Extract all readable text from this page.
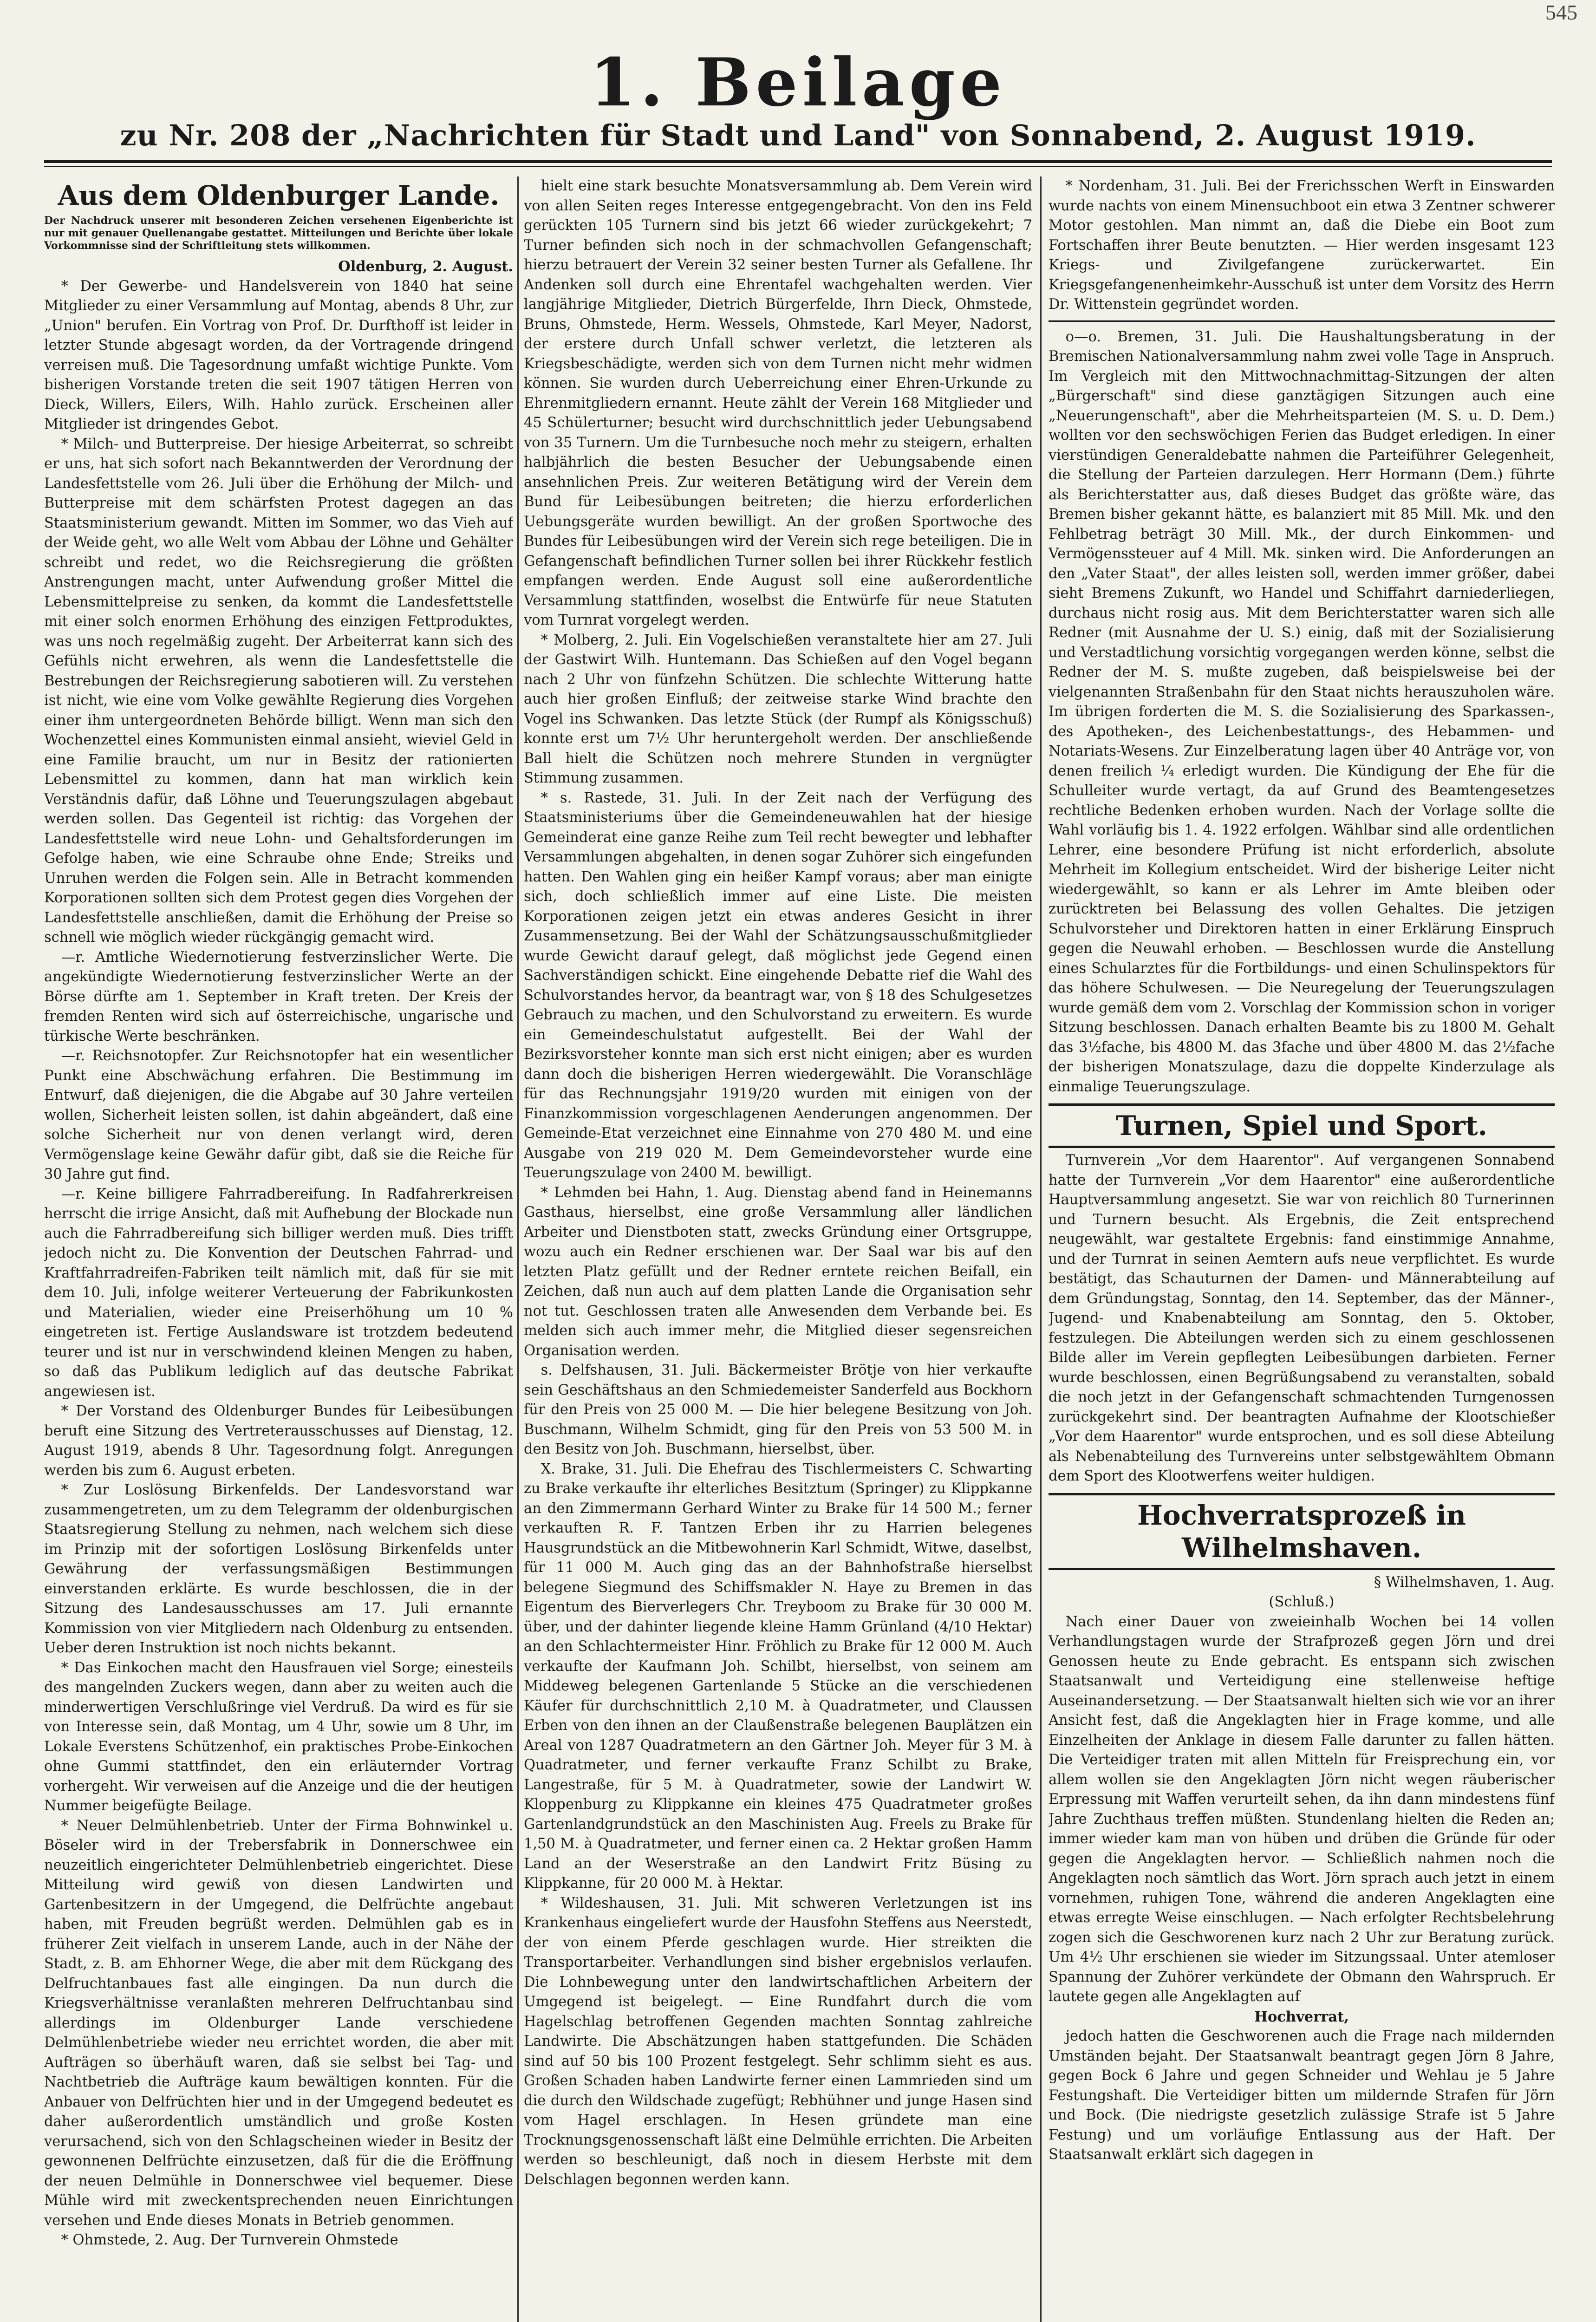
545
1. Beilage
zu Nr. 208 der „Nachrichten für Stadt und Land" von Sonnabend, 2. August 1919.
Aus dem Oldenburger Lande.
Der Nachdruck unserer mit besonderen Zeichen versehenen Eigenberichte ist nur mit genauer Quellenangabe gestattet. Mitteilungen und Berichte über lokale Vorkommnisse sind der Schriftleitung stets willkommen.

Oldenburg, 2. August.

* Der Gewerbe- und Handelsverein von 1840 hat seine Mitglieder zu einer Versammlung auf Montag, abends 8 Uhr, zur „Union" berufen. Ein Vortrag von Prof. Dr. Durfthoff ist leider in letzter Stunde abgesagt worden, da der Vortragende dringend verreisen muß. Die Tagesordnung umfaßt wichtige Punkte. Vom bisherigen Vorstande treten die seit 1907 tätigen Herren von Dieck, Willers, Eilers, Wilh. Hahlo zurück. Erscheinen aller Mitglieder ist dringendes Gebot.

* Milch- und Butterpreise. Der hiesige Arbeiterrat, so schreibt er uns, hat sich sofort nach Bekanntwerden der Verordnung der Landesfettstelle vom 26. Juli über die Erhöhung der Milch- und Butterpreise mit dem schärfsten Protest dagegen an das Staatsministerium gewandt. Mitten im Sommer, wo das Vieh auf der Weide geht, wo alle Welt vom Abbau der Löhne und Gehälter schreibt und redet, wo die Reichsregierung die größten Anstrengungen macht, unter Aufwendung großer Mittel die Lebensmittelpreise zu senken, da kommt die Landesfettstelle mit einer solch enormen Erhöhung des einzigen Fettproduktes, was uns noch regelmäßig zugeht. Der Arbeiterrat kann sich des Gefühls nicht erwehren, als wenn die Landesfettstelle die Bestrebungen der Reichsregierung sabotieren will. Zu verstehen ist nicht, wie eine vom Volke gewählte Regierung dies Vorgehen einer ihm untergeordneten Behörde billigt. Wenn man sich den Wochenzettel eines Kommunisten einmal ansieht, wieviel Geld in eine Familie braucht, um nur in Besitz der rationierten Lebensmittel zu kommen, dann hat man wirklich kein Verständnis dafür, daß Löhne und Teuerungszulagen abgebaut werden sollen. Das Gegenteil ist richtig: das Vorgehen der Landesfettstelle wird neue Lohn- und Gehaltsforderungen im Gefolge haben, wie eine Schraube ohne Ende; Streiks und Unruhen werden die Folgen sein. Alle in Betracht kommenden Korporationen sollten sich dem Protest gegen dies Vorgehen der Landesfettstelle anschließen, damit die Erhöhung der Preise so schnell wie möglich wieder rückgängig gemacht wird.

—r. Amtliche Wiedernotierung festverzinslicher Werte. Die angekündigte Wiedernotierung festverzinslicher Werte an der Börse dürfte am 1. September in Kraft treten. Der Kreis der fremden Renten wird sich auf österreichische, ungarische und türkische Werte beschränken.

—r. Reichsnotopfer. Zur Reichsnotopfer hat ein wesentlicher Punkt eine Abschwächung erfahren. Die Bestimmung im Entwurf, daß diejenigen, die die Abgabe auf 30 Jahre verteilen wollen, Sicherheit leisten sollen, ist dahin abgeändert, daß eine solche Sicherheit nur von denen verlangt wird, deren Vermögenslage keine Gewähr dafür gibt, daß sie die Reiche für 30 Jahre gut find.

—r. Keine billigere Fahrradbereifung. In Radfahrerkreisen herrscht die irrige Ansicht, daß mit Aufhebung der Blockade nun auch die Fahrradbereifung sich billiger werden muß. Dies trifft jedoch nicht zu. Die Konvention der Deutschen Fahrrad- und Kraftfahrradreifen-Fabriken teilt nämlich mit, daß für sie mit dem 10. Juli, infolge weiterer Verteuerung der Fabrikunkosten und Materialien, wieder eine Preiserhöhung um 10 % eingetreten ist. Fertige Auslandsware ist trotzdem bedeutend teurer und ist nur in verschwindend kleinen Mengen zu haben, so daß das Publikum lediglich auf das deutsche Fabrikat angewiesen ist.

* Der Vorstand des Oldenburger Bundes für Leibesübungen beruft eine Sitzung des Vertreterausschusses auf Dienstag, 12. August 1919, abends 8 Uhr. Tagesordnung folgt. Anregungen werden bis zum 6. August erbeten.

* Zur Loslösung Birkenfelds. Der Landesvorstand war zusammengetreten, um zu dem Telegramm der oldenburgischen Staatsregierung Stellung zu nehmen, nach welchem sich diese im Prinzip mit der sofortigen Loslösung Birkenfelds unter Gewährung der verfassungsmäßigen Bestimmungen einverstanden erklärte. Es wurde beschlossen, die in der Sitzung des Landesausschusses am 17. Juli ernannte Kommission von vier Mitgliedern nach Oldenburg zu entsenden. Ueber deren Instruktion ist noch nichts bekannt.

* Das Einkochen macht den Hausfrauen viel Sorge; einesteils des mangelnden Zuckers wegen, dann aber zu weiten auch die minderwertigen Verschlußringe viel Verdruß. Da wird es für sie von Interesse sein, daß Montag, um 4 Uhr, sowie um 8 Uhr, im Lokale Everstens Schützenhof, ein praktisches Probe-Einkochen ohne Gummi stattfindet, den ein erläuternder Vortrag vorhergeht. Wir verweisen auf die Anzeige und die der heutigen Nummer beigefügte Beilage.

* Neuer Delmühlenbetrieb. Unter der Firma Bohnwinkel u. Böseler wird in der Trebersfabrik in Donnerschwee ein neuzeitlich eingerichteter Delmühlenbetrieb eingerichtet. Diese Mitteilung wird gewiß von diesen Landwirten und Gartenbesitzern in der Umgegend, die Delfrüchte angebaut haben, mit Freuden begrüßt werden. Delmühlen gab es in früherer Zeit vielfach in unserem Lande, auch in der Nähe der Stadt, z. B. am Ehhorner Wege, die aber mit dem Rückgang des Delfruchtanbaues fast alle eingingen. Da nun durch die Kriegsverhältnisse veranlaßten mehreren Delfruchtanbau sind allerdings im Oldenburger Lande verschiedene Delmühlenbetriebe wieder neu errichtet worden, die aber mit Aufträgen so überhäuft waren, daß sie selbst bei Tag- und Nachtbetrieb die Aufträge kaum bewältigen konnten. Für die Anbauer von Delfrüchten hier und in der Umgegend bedeutet es daher außerordentlich umständlich und große Kosten verursachend, sich von den Schlagscheinen wieder in Besitz der gewonnenen Delfrüchte einzusetzen, daß für die die Eröffnung der neuen Delmühle in Donnerschwee viel bequemer. Diese Mühle wird mit zweckentsprechenden neuen Einrichtungen versehen und Ende dieses Monats in Betrieb genommen.

* Ohmstede, 2. Aug. Der Turnverein Ohmstede

hielt eine stark besuchte Monatsversammlung ab. Dem Verein wird von allen Seiten reges Interesse entgegengebracht. Von den ins Feld gerückten 105 Turnern sind bis jetzt 66 wieder zurückgekehrt; 7 Turner befinden sich noch in der schmachvollen Gefangenschaft; hierzu betrauert der Verein 32 seiner besten Turner als Gefallene. Ihr Andenken soll durch eine Ehrentafel wachgehalten werden. Vier langjährige Mitglieder, Dietrich Bürgerfelde, Ihrn Dieck, Ohmstede, Bruns, Ohmstede, Herm. Wessels, Ohmstede, Karl Meyer, Nadorst, der erstere durch Unfall schwer verletzt, die letzteren als Kriegsbeschädigte, werden sich von dem Turnen nicht mehr widmen können. Sie wurden durch Ueberreichung einer Ehren-Urkunde zu Ehrenmitgliedern ernannt. Heute zählt der Verein 168 Mitglieder und 45 Schülerturner; besucht wird durchschnittlich jeder Uebungsabend von 35 Turnern. Um die Turnbesuche noch mehr zu steigern, erhalten halbjährlich die besten Besucher der Uebungsabende einen ansehnlichen Preis. Zur weiteren Betätigung wird der Verein dem Bund für Leibesübungen beitreten; die hierzu erforderlichen Uebungsgeräte wurden bewilligt. An der großen Sportwoche des Bundes für Leibesübungen wird der Verein sich rege beteiligen. Die in Gefangenschaft befindlichen Turner sollen bei ihrer Rückkehr festlich empfangen werden. Ende August soll eine außerordentliche Versammlung stattfinden, woselbst die Entwürfe für neue Statuten vom Turnrat vorgelegt werden.

* Molberg, 2. Juli. Ein Vogelschießen veranstaltete hier am 27. Juli der Gastwirt Wilh. Huntemann. Das Schießen auf den Vogel begann nach 2 Uhr von fünfzehn Schützen. Die schlechte Witterung hatte auch hier großen Einfluß; der zeitweise starke Wind brachte den Vogel ins Schwanken. Das letzte Stück (der Rumpf als Königsschuß) konnte erst um 7½ Uhr heruntergeholt werden. Der anschließende Ball hielt die Schützen noch mehrere Stunden in vergnügter Stimmung zusammen.

* s. Rastede, 31. Juli. In der Zeit nach der Verfügung des Staatsministeriums über die Gemeindeneuwahlen hat der hiesige Gemeinderat eine ganze Reihe zum Teil recht bewegter und lebhafter Versammlungen abgehalten, in denen sogar Zuhörer sich eingefunden hatten. Den Wahlen ging ein heißer Kampf voraus; aber man einigte sich, doch schließlich immer auf eine Liste. Die meisten Korporationen zeigen jetzt ein etwas anderes Gesicht in ihrer Zusammensetzung. Bei der Wahl der Schätzungsausschußmitglieder wurde Gewicht darauf gelegt, daß möglichst jede Gegend einen Sachverständigen schickt. Eine eingehende Debatte rief die Wahl des Schulvorstandes hervor, da beantragt war, von § 18 des Schulgesetzes Gebrauch zu machen, und den Schulvorstand zu erweitern. Es wurde ein Gemeindeschulstatut aufgestellt. Bei der Wahl der Bezirksvorsteher konnte man sich erst nicht einigen; aber es wurden dann doch die bisherigen Herren wiedergewählt. Die Voranschläge für das Rechnungsjahr 1919/20 wurden mit einigen von der Finanzkommission vorgeschlagenen Aenderungen angenommen. Der Gemeinde-Etat verzeichnet eine Einnahme von 270 480 M. und eine Ausgabe von 219 020 M. Dem Gemeindevorsteher wurde eine Teuerungszulage von 2400 M. bewilligt.

* Lehmden bei Hahn, 1. Aug. Dienstag abend fand in Heinemanns Gasthaus, hierselbst, eine große Versammlung aller ländlichen Arbeiter und Dienstboten statt, zwecks Gründung einer Ortsgruppe, wozu auch ein Redner erschienen war. Der Saal war bis auf den letzten Platz gefüllt und der Redner erntete reichen Beifall, ein Zeichen, daß nun auch auf dem platten Lande die Organisation sehr not tut. Geschlossen traten alle Anwesenden dem Verbande bei. Es melden sich auch immer mehr, die Mitglied dieser segensreichen Organisation werden.

s. Delfshausen, 31. Juli. Bäckermeister Brötje von hier verkaufte sein Geschäftshaus an den Schmiedemeister Sanderfeld aus Bockhorn für den Preis von 25 000 M. — Die hier belegene Besitzung von Joh. Buschmann, Wilhelm Schmidt, ging für den Preis von 53 500 M. in den Besitz von Joh. Buschmann, hierselbst, über.

X. Brake, 31. Juli. Die Ehefrau des Tischlermeisters C. Schwarting zu Brake verkaufte ihr elterliches Besitztum (Springer) zu Klippkanne an den Zimmermann Gerhard Winter zu Brake für 14 500 M.; ferner verkauften R. F. Tantzen Erben ihr zu Harrien belegenes Hausgrundstück an die Mitbewohnerin Karl Schmidt, Witwe, daselbst, für 11 000 M. Auch ging das an der Bahnhofstraße hierselbst belegene Siegmund des Schiffsmakler N. Haye zu Bremen in das Eigentum des Bierverlegers Chr. Treyboom zu Brake für 30 000 M. über, und der dahinter liegende kleine Hamm Grünland (4/10 Hektar) an den Schlachtermeister Hinr. Fröhlich zu Brake für 12 000 M. Auch verkaufte der Kaufmann Joh. Schilbt, hierselbst, von seinem am Middeweg belegenen Gartenlande 5 Stücke an die verschiedenen Käufer für durchschnittlich 2,10 M. à Quadratmeter, und Claussen Erben von den ihnen an der Claußenstraße belegenen Bauplätzen ein Areal von 1287 Quadratmetern an den Gärtner Joh. Meyer für 3 M. à Quadratmeter, und ferner verkaufte Franz Schilbt zu Brake, Langestraße, für 5 M. à Quadratmeter, sowie der Landwirt W. Kloppenburg zu Klippkanne ein kleines 475 Quadratmeter großes Gartenlandgrundstück an den Maschinisten Aug. Freels zu Brake für 1,50 M. à Quadratmeter, und ferner einen ca. 2 Hektar großen Hamm Land an der Weserstraße an den Landwirt Fritz Büsing zu Klippkanne, für 20 000 M. à Hektar.

* Wildeshausen, 31. Juli. Mit schweren Verletzungen ist ins Krankenhaus eingeliefert wurde der Hausfohn Steffens aus Neerstedt, der von einem Pferde geschlagen wurde. Hier streikten die Transportarbeiter. Verhandlungen sind bisher ergebnislos verlaufen. Die Lohnbewegung unter den landwirtschaftlichen Arbeitern der Umgegend ist beigelegt. — Eine Rundfahrt durch die vom Hagelschlag betroffenen Gegenden machten Sonntag zahlreiche Landwirte. Die Abschätzungen haben stattgefunden. Die Schäden sind auf 50 bis 100 Prozent festgelegt. Sehr schlimm sieht es aus. Großen Schaden haben Landwirte ferner einen Lammrieden sind um die durch den Wildschade zugefügt; Rebhühner und junge Hasen sind vom Hagel erschlagen. In Hesen gründete man eine Trocknungsgenossenschaft läßt eine Delmühle errichten. Die Arbeiten werden so beschleunigt, daß noch in diesem Herbste mit dem Delschlagen begonnen werden kann.

* Nordenham, 31. Juli. Bei der Frerichsschen Werft in Einswarden wurde nachts von einem Minensuchboot ein etwa 3 Zentner schwerer Motor gestohlen. Man nimmt an, daß die Diebe ein Boot zum Fortschaffen ihrer Beute benutzten. — Hier werden insgesamt 123 Kriegs- und Zivilgefangene zurückerwartet. Ein Kriegsgefangenenheimkehr-Ausschuß ist unter dem Vorsitz des Herrn Dr. Wittenstein gegründet worden.

o—o. Bremen, 31. Juli. Die Haushaltungsberatung in der Bremischen Nationalversammlung nahm zwei volle Tage in Anspruch. Im Vergleich mit den Mittwochnachmittag-Sitzungen der alten „Bürgerschaft" sind diese ganztägigen Sitzungen auch eine „Neuerungenschaft", aber die Mehrheitsparteien (M. S. u. D. Dem.) wollten vor den sechswöchigen Ferien das Budget erledigen. In einer vierstündigen Generaldebatte nahmen die Parteiführer Gelegenheit, die Stellung der Parteien darzulegen. Herr Hormann (Dem.) führte als Berichterstatter aus, daß dieses Budget das größte wäre, das Bremen bisher gekannt hätte, es balanziert mit 85 Mill. Mk. und den Fehlbetrag beträgt 30 Mill. Mk., der durch Einkommen- und Vermögenssteuer auf 4 Mill. Mk. sinken wird. Die Anforderungen an den „Vater Staat", der alles leisten soll, werden immer größer, dabei sieht Bremens Zukunft, wo Handel und Schiffahrt darniederliegen, durchaus nicht rosig aus. Mit dem Berichterstatter waren sich alle Redner (mit Ausnahme der U. S.) einig, daß mit der Sozialisierung und Verstadtlichung vorsichtig vorgegangen werden könne, selbst die Redner der M. S. mußte zugeben, daß beispielsweise bei der vielgenannten Straßenbahn für den Staat nichts herauszuholen wäre. Im übrigen forderten die M. S. die Sozialisierung des Sparkassen-, des Apotheken-, des Leichenbestattungs-, des Hebammen- und Notariats-Wesens. Zur Einzelberatung lagen über 40 Anträge vor, von denen freilich ¼ erledigt wurden. Die Kündigung der Ehe für die Schulleiter wurde vertagt, da auf Grund des Beamtengesetzes rechtliche Bedenken erhoben wurden. Nach der Vorlage sollte die Wahl vorläufig bis 1. 4. 1922 erfolgen. Wählbar sind alle ordentlichen Lehrer, eine besondere Prüfung ist nicht erforderlich, absolute Mehrheit im Kollegium entscheidet. Wird der bisherige Leiter nicht wiedergewählt, so kann er als Lehrer im Amte bleiben oder zurücktreten bei Belassung des vollen Gehaltes. Die jetzigen Schulvorsteher und Direktoren hatten in einer Erklärung Einspruch gegen die Neuwahl erhoben. — Beschlossen wurde die Anstellung eines Schularztes für die Fortbildungs- und einen Schulinspektors für das höhere Schulwesen. — Die Neuregelung der Teuerungszulagen wurde gemäß dem vom 2. Vorschlag der Kommission schon in voriger Sitzung beschlossen. Danach erhalten Beamte bis zu 1800 M. Gehalt das 3½fache, bis 4800 M. das 3fache und über 4800 M. das 2½fache der bisherigen Monatszulage, dazu die doppelte Kinderzulage als einmalige Teuerungszulage.

Turnen, Spiel und Sport.

Turnverein „Vor dem Haarentor". Auf vergangenen Sonnabend hatte der Turnverein „Vor dem Haarentor" eine außerordentliche Hauptversammlung angesetzt. Sie war von reichlich 80 Turnerinnen und Turnern besucht. Als Ergebnis, die Zeit entsprechend neugewählt, war gestaltete Ergebnis: fand einstimmige Annahme, und der Turnrat in seinen Aemtern aufs neue verpflichtet. Es wurde bestätigt, das Schauturnen der Damen- und Männerabteilung auf dem Gründungstag, Sonntag, den 14. September, das der Männer-, Jugend- und Knabenabteilung am Sonntag, den 5. Oktober, festzulegen. Die Abteilungen werden sich zu einem geschlossenen Bilde aller im Verein gepflegten Leibesübungen darbieten. Ferner wurde beschlossen, einen Begrüßungsabend zu veranstalten, sobald die noch jetzt in der Gefangenschaft schmachtenden Turngenossen zurückgekehrt sind. Der beantragten Aufnahme der Klootschießer „Vor dem Haarentor" wurde entsprochen, und es soll diese Abteilung als Nebenabteilung des Turnvereins unter selbstgewähltem Obmann dem Sport des Klootwerfens weiter huldigen.

Hochverratsprozeß in Wilhelmshaven.

§ Wilhelmshaven, 1. Aug.

(Schluß.)

Nach einer Dauer von zweieinhalb Wochen bei 14 vollen Verhandlungstagen wurde der Strafprozeß gegen Jörn und drei Genossen heute zu Ende gebracht. Es entspann sich zwischen Staatsanwalt und Verteidigung eine stellenweise heftige Auseinandersetzung. — Der Staatsanwalt hielten sich wie vor an ihrer Ansicht fest, daß die Angeklagten hier in Frage komme, und alle Einzelheiten der Anklage in diesem Falle darunter zu fallen hätten. Die Verteidiger traten mit allen Mitteln für Freisprechung ein, vor allem wollen sie den Angeklagten Jörn nicht wegen räuberischer Erpressung mit Waffen verurteilt sehen, da ihn dann mindestens fünf Jahre Zuchthaus treffen müßten. Stundenlang hielten die Reden an; immer wieder kam man von hüben und drüben die Gründe für oder gegen die Angeklagten hervor. — Schließlich nahmen noch die Angeklagten noch sämtlich das Wort. Jörn sprach auch jetzt in einem vornehmen, ruhigen Tone, während die anderen Angeklagten eine etwas erregte Weise einschlugen. — Nach erfolgter Rechtsbelehrung zogen sich die Geschworenen kurz nach 2 Uhr zur Beratung zurück. Um 4½ Uhr erschienen sie wieder im Sitzungssaal. Unter atemloser Spannung der Zuhörer verkündete der Obmann den Wahrspruch. Er lautete gegen alle Angeklagten auf

Hochverrat,

jedoch hatten die Geschworenen auch die Frage nach mildernden Umständen bejaht. Der Staatsanwalt beantragt gegen Jörn 8 Jahre, gegen Bock 6 Jahre und gegen Schneider und Wehlau je 5 Jahre Festungshaft. Die Verteidiger bitten um mildernde Strafen für Jörn und Bock. (Die niedrigste gesetzlich zulässige Strafe ist 5 Jahre Festung) und um vorläufige Entlassung aus der Haft. Der Staatsanwalt erklärt sich dagegen in
